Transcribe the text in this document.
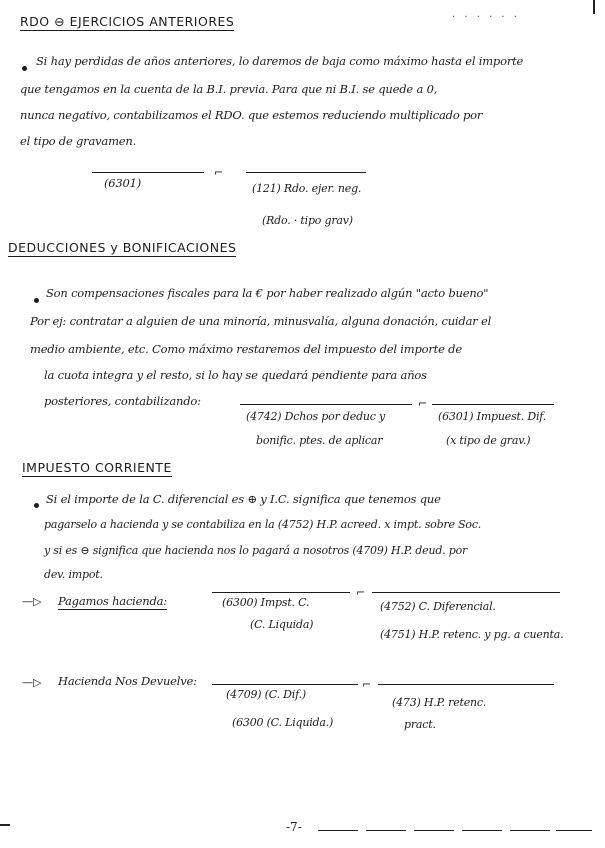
· · · · · ·
RDO ⊖ EJERCICIOS ANTERIORES
Si hay perdidas de años anteriores, lo daremos de baja como máximo hasta el importe
que tengamos en la cuenta de la B.I. previa. Para que ni B.I. se quede a 0,
nunca negativo, contabilizamos el RDO. que estemos reduciendo multiplicado por
el tipo de gravamen.
⌐
(6301)	(121) Rdo. ejer. neg.
(Rdo. · tipo grav)
DEDUCCIONES y BONIFICACIONES
Son compensaciones fiscales para la € por haber realizado algún "acto bueno"
Por ej: contratar a alguien de una minoría, minusvalía, alguna donación, cuidar el
medio ambiente, etc. Como máximo restaremos del impuesto del importe de
la cuota integra y el resto, si lo hay se quedará pendiente para años
posteriores, contabilizando:	⌐
(4742) Dchos por deduc y
bonific. ptes. de aplicar
(6301) Impuest. Dif.
(x tipo de grav.)
IMPUESTO CORRIENTE
Si el importe de la C. diferencial es ⊕ y I.C. significa que tenemos que
pagarselo a hacienda y se contabiliza en la (4752) H.P. acreed. x impt. sobre Soc.
y si es ⊖ significa que hacienda nos lo pagará a nosotros (4709) H.P. deud. por
dev. impot.
—▷ Pagamos hacienda:
⌐
(6300) Impst. C.
(C. Liquida)
(4752) C. Diferencial.
(4751) H.P. retenc. y pg. a cuenta.
—▷ Hacienda Nos Devuelve:	⌐
(4709) (C. Dif.)
(6300 (C. Liquida.)
(473) H.P. retenc.
pract.
-7-
